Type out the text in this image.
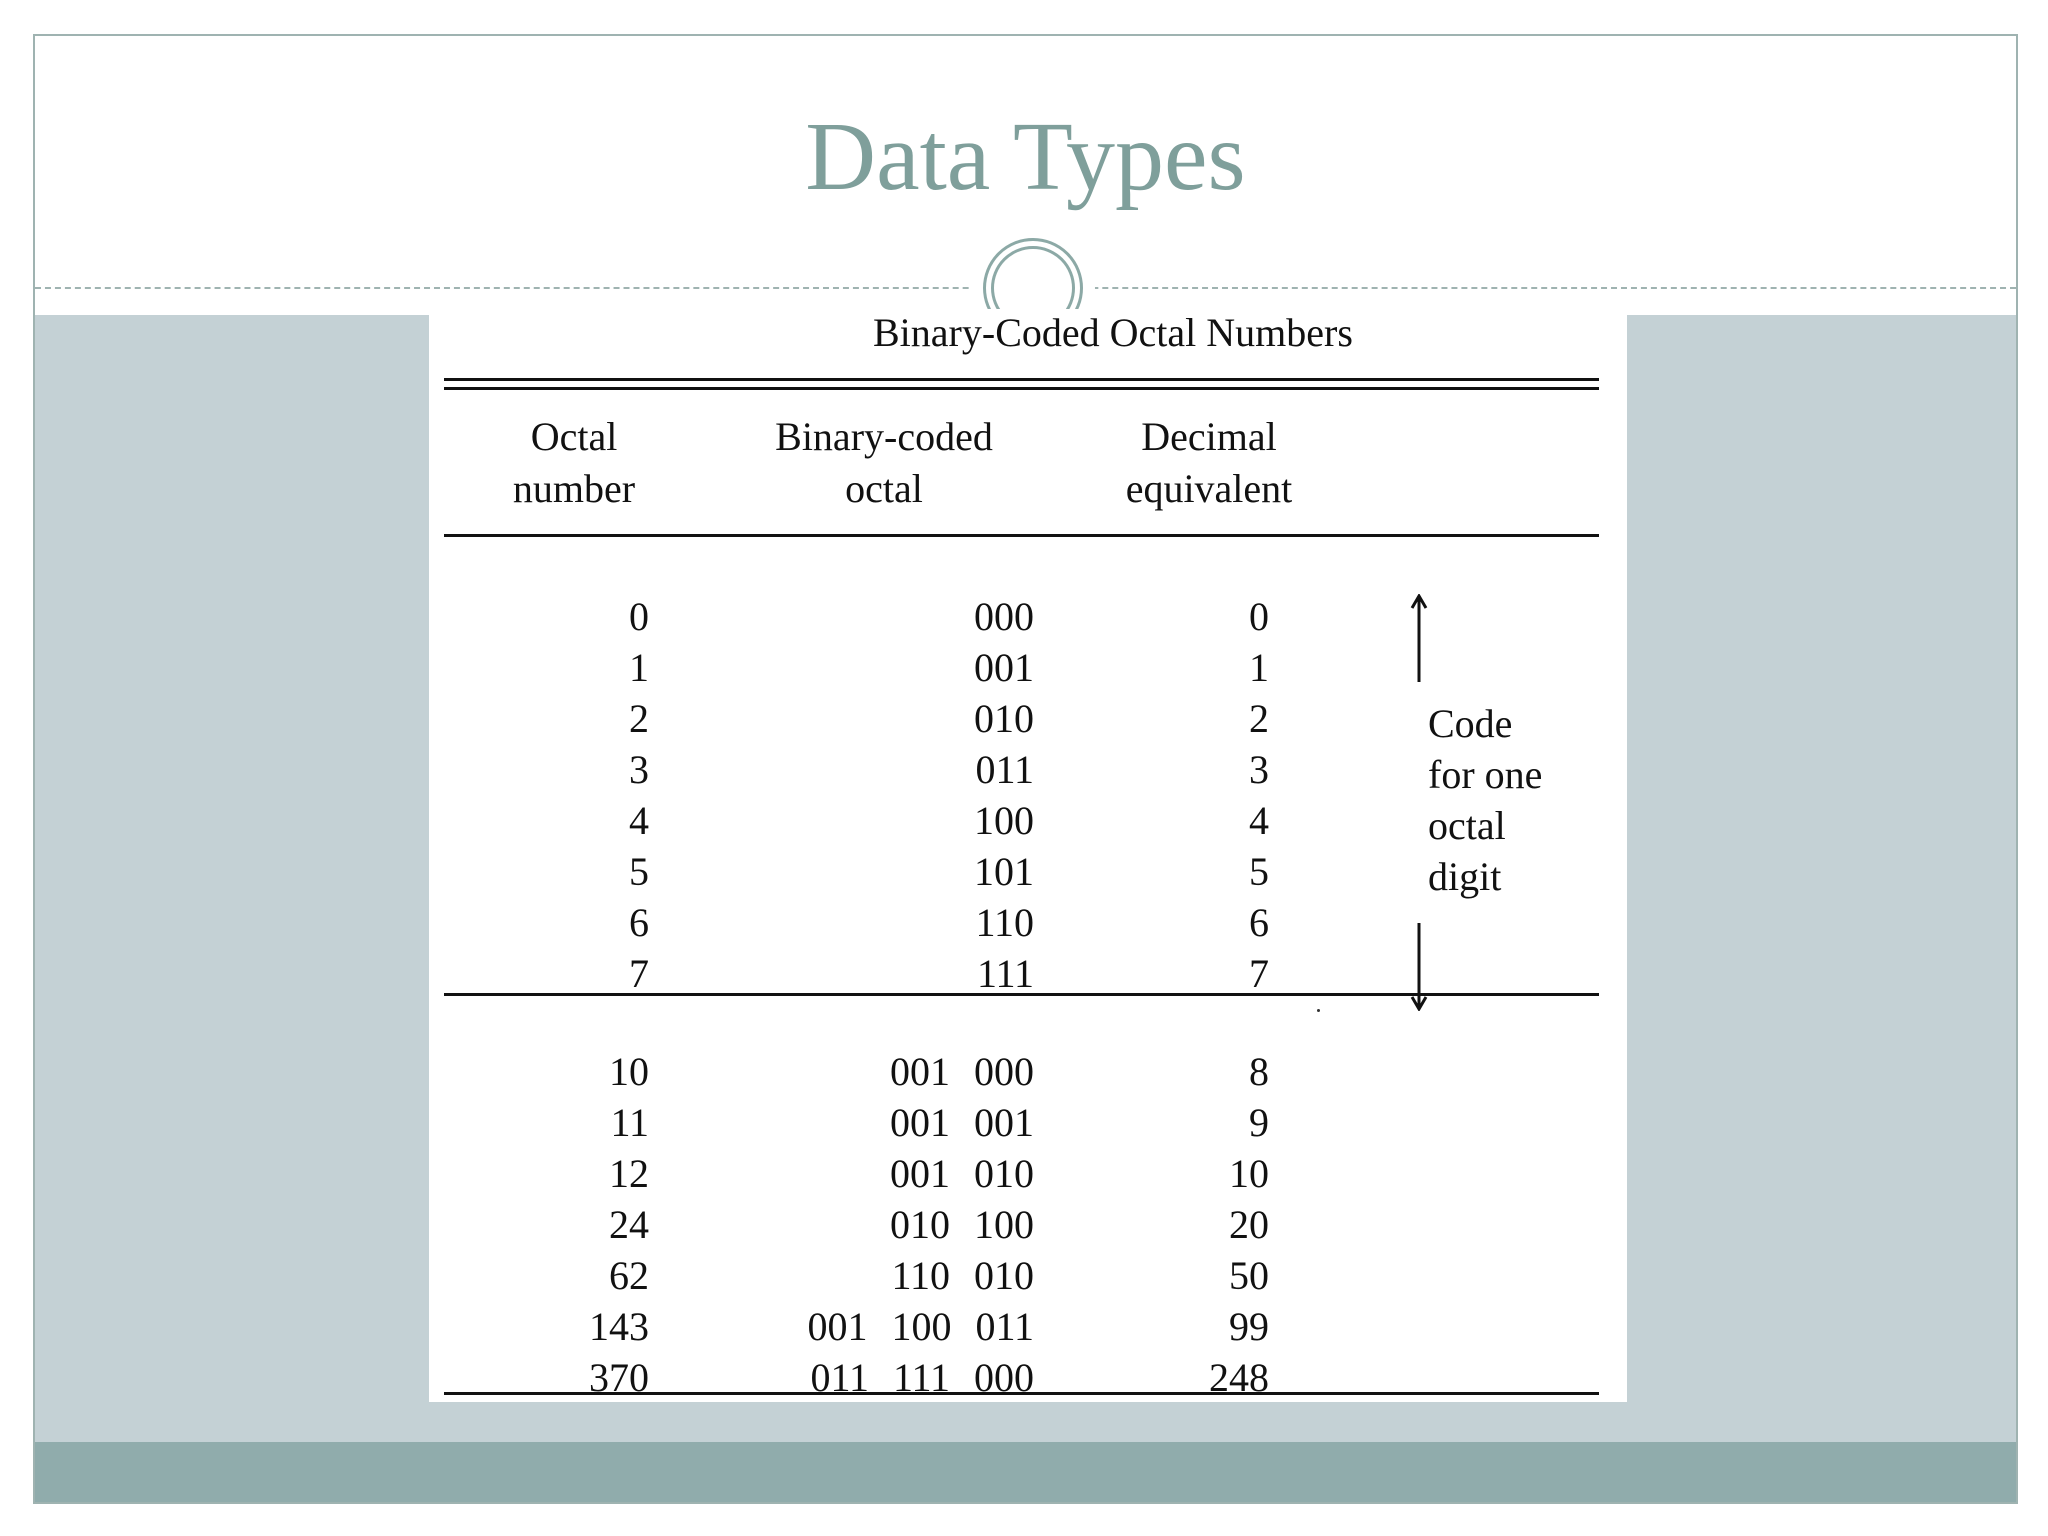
Data Types
Binary-Coded Octal Numbers
Octal
number
Binary-coded
octal
Decimal
equivalent
0
1
2
3
4
5
6
7
000
001
010
011
100
101
110
111
0
1
2
3
4
5
6
7
Code
for one
octal
digit
10
11
12
24
62
143
370
001 000
001 001
001 010
010 100
110 010
001 100 011
011 111 000
8
9
10
20
50
99
248
